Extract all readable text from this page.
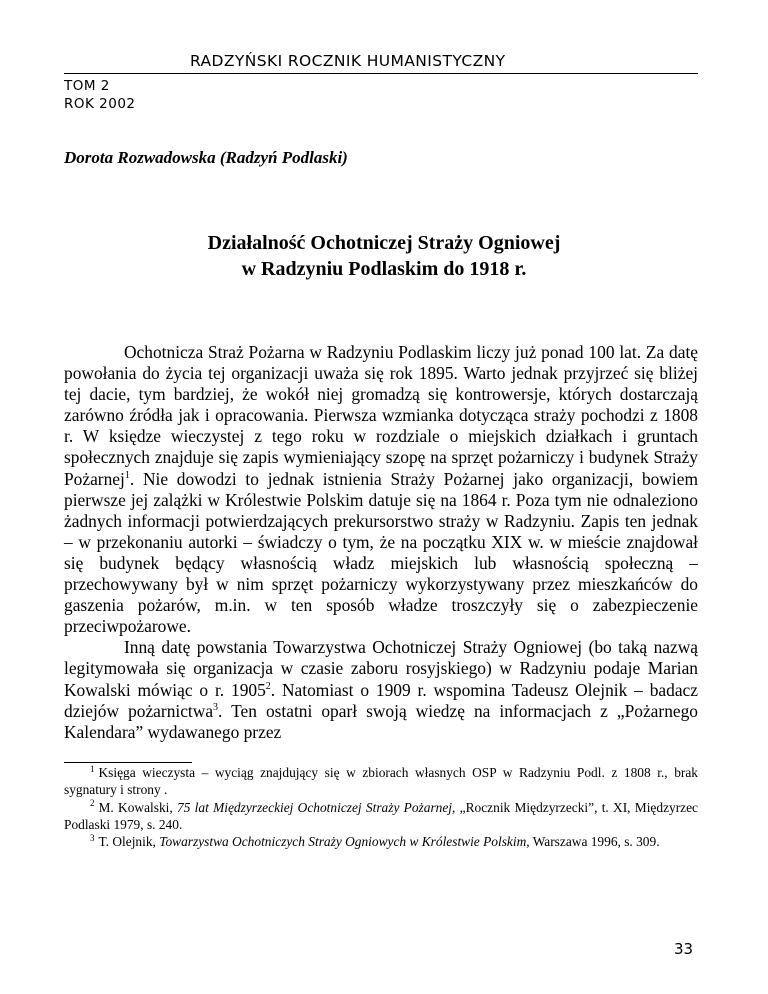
RADZYŃSKI ROCZNIK HUMANISTYCZNY
TOM 2
ROK 2002
Dorota Rozwadowska (Radzyń Podlaski)
Działalność Ochotniczej Straży Ogniowej
w Radzyniu Podlaskim do 1918 r.

Ochotnicza Straż Pożarna w Radzyniu Podlaskim liczy już ponad 100 lat. Za datę powołania do życia tej organizacji uważa się rok 1895. Warto jednak przyjrzeć się bliżej tej dacie, tym bardziej, że wokół niej gromadzą się kontrowersje, których dostarczają zarówno źródła jak i opracowania. Pierwsza wzmianka dotycząca straży pochodzi z 1808 r. W księdze wieczystej z tego roku w rozdziale o miejskich działkach i gruntach społecznych znajduje się zapis wymieniający szopę na sprzęt pożarniczy i budynek Straży Pożarnej$^1$. Nie dowodzi to jednak istnienia Straży Pożarnej jako organizacji, bowiem pierwsze jej zalążki w Królestwie Polskim datuje się na 1864 r. Poza tym nie odnaleziono żadnych informacji potwierdzających prekursorstwo straży w Radzyniu. Zapis ten jednak – w przekonaniu autorki – świadczy o tym, że na początku XIX w. w mieście znajdował się budynek będący własnością władz miejskich lub własnością społeczną – przechowywany był w nim sprzęt pożarniczy wykorzystywany przez mieszkańców do gaszenia pożarów, m.in. w ten sposób władze troszczyły się o zabezpieczenie przeciwpożarowe.

Inną datę powstania Towarzystwa Ochotniczej Straży Ogniowej (bo taką nazwą legitymowała się organizacja w czasie zaboru rosyjskiego) w Radzyniu podaje Marian Kowalski mówiąc o r. 1905$^2$. Natomiast o 1909 r. wspomina Tadeusz Olejnik – badacz dziejów pożarnictwa$^3$. Ten ostatni oparł swoją wiedzę na informacjach z „Pożarnego Kalendara” wydawanego przez

$^1$ Księga wieczysta – wyciąg znajdujący się w zbiorach własnych OSP w Radzyniu Podl. z 1808 r., brak sygnatury i strony .

$^2$ M. Kowalski, 75 lat Międzyrzeckiej Ochotniczej Straży Pożarnej, „Rocznik Międzyrzecki”, t. XI, Międzyrzec Podlaski 1979, s. 240.

$^3$ T. Olejnik, Towarzystwa Ochotniczych Straży Ogniowych w Królestwie Polskim, Warszawa 1996, s. 309.

33
